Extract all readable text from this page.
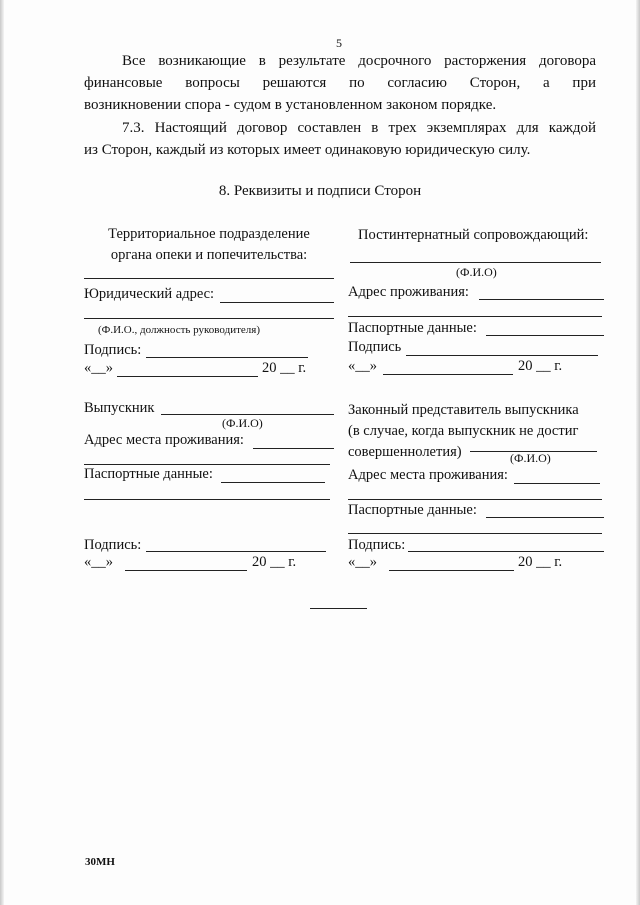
5
Все возникающие в результате досрочного расторжения договора
финансовые вопросы решаются по согласию Сторон, а при
возникновении спора - судом в установленном законом порядке.
7.3. Настоящий договор составлен в трех экземплярах для каждой
из Сторон, каждый из которых имеет одинаковую юридическую силу.
8. Реквизиты и подписи Сторон
Территориальное подразделение
органа опеки и попечительства:
Юридический адрес:
(Ф.И.О., должность руководителя)
Подпись:
«__»	20 __ г.
Выпускник
(Ф.И.О)
Адрес места проживания:
Паспортные данные:
Подпись:
«__»	20 __ г.
Постинтернатный сопровождающий:
(Ф.И.О)
Адрес проживания:
Паспортные данные:
Подпись
«__»	20 __ г.
Законный представитель выпускника
(в случае, когда выпускник не достиг
совершеннолетия)	(Ф.И.О)
Адрес места проживания:
Паспортные данные:
Подпись:
«__»	20 __ г.
30МН
